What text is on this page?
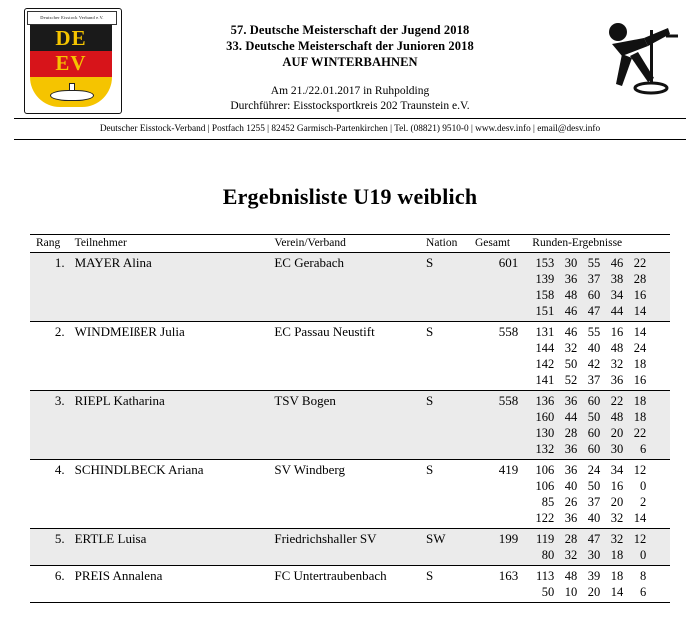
Deutscher Eisstock Verband e.V.
DE
EV
57. Deutsche Meisterschaft der Jugend 2018
33. Deutsche Meisterschaft der Junioren 2018
AUF WINTERBAHNEN
Am 21./22.01.2017 in Ruhpolding
Durchführer: Eisstocksportkreis 202 Traunstein e.V.
Deutscher Eisstock-Verband | Postfach 1255 | 82452 Garmisch-Partenkirchen | Tel. (08821) 9510-0 | www.desv.info | email@desv.info
Ergebnisliste U19 weiblich
Rang	Teilnehmer	Verein/Verband	Nation	Gesamt	Runden-Ergebnisse
1.	MAYER Alina	EC Gerabach	S	601	153	30	55	46	22
139	36	37	38	28
158	48	60	34	16
151	46	47	44	14

2.	WINDMEIßER Julia	EC Passau Neustift	S	558	131	46	55	16	14
144	32	40	48	24
142	50	42	32	18
141	52	37	36	16

3.	RIEPL Katharina	TSV Bogen	S	558	136	36	60	22	18
160	44	50	48	18
130	28	60	20	22
132	36	60	30	6

4.	SCHINDLBECK Ariana	SV Windberg	S	419	106	36	24	34	12
106	40	50	16	0
85	26	37	20	2
122	36	40	32	14

5.	ERTLE Luisa	Friedrichshaller SV	SW	199	119	28	47	32	12
80	32	30	18	0

6.	PREIS Annalena	FC Untertraubenbach	S	163	113	48	39	18	8
50	10	20	14	6
